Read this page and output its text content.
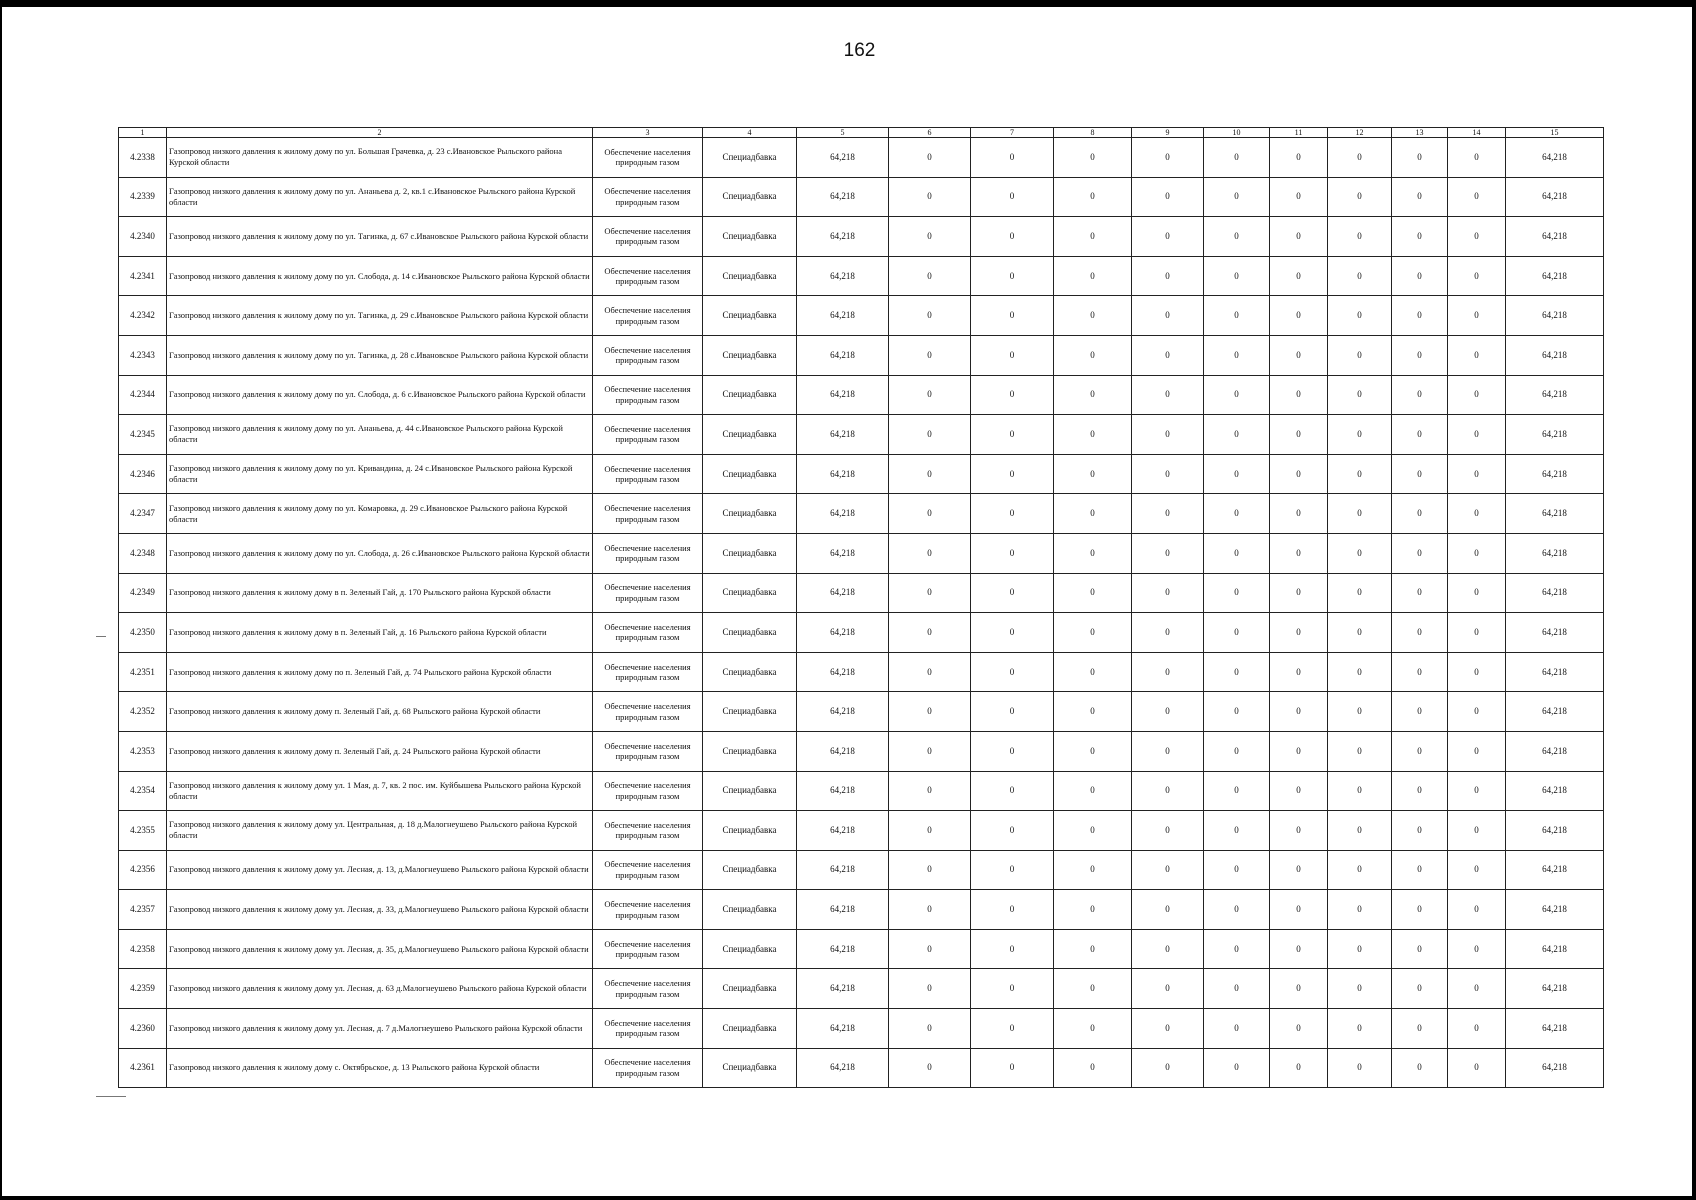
162
1	2	3	4	5	6	7	8	9	10	11	12	13	14	15
4.2338	Газопровод низкого давления к жилому дому по ул. Большая Грачевка, д. 23 с.Ивановское Рыльского района Курской области	Обеспечение населения природным газом	Специадбавка	64,218	0	0	0	0	0	0	0	0	0	64,218
4.2339	Газопровод низкого давления к жилому дому по ул. Ананьева д. 2, кв.1 с.Ивановское Рыльского района Курской области	Обеспечение населения природным газом	Специадбавка	64,218	0	0	0	0	0	0	0	0	0	64,218
4.2340	Газопровод низкого давления к жилому дому по ул. Тагинка, д. 67 с.Ивановское Рыльского района Курской области	Обеспечение населения природным газом	Специадбавка	64,218	0	0	0	0	0	0	0	0	0	64,218
4.2341	Газопровод низкого давления к жилому дому по ул. Слобода, д. 14 с.Ивановское Рыльского района Курской области	Обеспечение населения природным газом	Специадбавка	64,218	0	0	0	0	0	0	0	0	0	64,218
4.2342	Газопровод низкого давления к жилому дому по ул. Тагинка, д. 29 с.Ивановское Рыльского района Курской области	Обеспечение населения природным газом	Специадбавка	64,218	0	0	0	0	0	0	0	0	0	64,218
4.2343	Газопровод низкого давления к жилому дому по ул. Тагинка, д. 28 с.Ивановское Рыльского района Курской области	Обеспечение населения природным газом	Специадбавка	64,218	0	0	0	0	0	0	0	0	0	64,218
4.2344	Газопровод низкого давления к жилому дому по ул. Слобода, д. 6 с.Ивановское Рыльского района Курской области	Обеспечение населения природным газом	Специадбавка	64,218	0	0	0	0	0	0	0	0	0	64,218
4.2345	Газопровод низкого давления к жилому дому по ул. Ананьева, д. 44 с.Ивановское Рыльского района Курской области	Обеспечение населения природным газом	Специадбавка	64,218	0	0	0	0	0	0	0	0	0	64,218
4.2346	Газопровод низкого давления к жилому дому по ул. Кривандина, д. 24 с.Ивановское Рыльского района Курской области	Обеспечение населения природным газом	Специадбавка	64,218	0	0	0	0	0	0	0	0	0	64,218
4.2347	Газопровод низкого давления к жилому дому по ул. Комаровка, д. 29 с.Ивановское Рыльского района Курской области	Обеспечение населения природным газом	Специадбавка	64,218	0	0	0	0	0	0	0	0	0	64,218
4.2348	Газопровод низкого давления к жилому дому по ул. Слобода, д. 26 с.Ивановское Рыльского района Курской области	Обеспечение населения природным газом	Специадбавка	64,218	0	0	0	0	0	0	0	0	0	64,218
4.2349	Газопровод низкого давления к жилому дому в п. Зеленый Гай, д. 170 Рыльского района Курской области	Обеспечение населения природным газом	Специадбавка	64,218	0	0	0	0	0	0	0	0	0	64,218
4.2350	Газопровод низкого давления к жилому дому в п. Зеленый Гай, д. 16 Рыльского района Курской области	Обеспечение населения природным газом	Специадбавка	64,218	0	0	0	0	0	0	0	0	0	64,218
4.2351	Газопровод низкого давления к жилому дому по п. Зеленый Гай, д. 74 Рыльского района Курской области	Обеспечение населения природным газом	Специадбавка	64,218	0	0	0	0	0	0	0	0	0	64,218
4.2352	Газопровод низкого давления к жилому дому п. Зеленый Гай, д. 68 Рыльского района Курской области	Обеспечение населения природным газом	Специадбавка	64,218	0	0	0	0	0	0	0	0	0	64,218
4.2353	Газопровод низкого давления к жилому дому п. Зеленый Гай, д. 24 Рыльского района Курской области	Обеспечение населения природным газом	Специадбавка	64,218	0	0	0	0	0	0	0	0	0	64,218
4.2354	Газопровод низкого давления к жилому дому ул. 1 Мая, д. 7, кв. 2 пос. им. Куйбышева Рыльского района Курской области	Обеспечение населения природным газом	Специадбавка	64,218	0	0	0	0	0	0	0	0	0	64,218
4.2355	Газопровод низкого давления к жилому дому ул. Центральная, д. 18 д.Малогнеушево Рыльского района Курской области	Обеспечение населения природным газом	Специадбавка	64,218	0	0	0	0	0	0	0	0	0	64,218
4.2356	Газопровод низкого давления к жилому дому ул. Лесная, д. 13, д.Малогнеушево Рыльского района Курской области	Обеспечение населения природным газом	Специадбавка	64,218	0	0	0	0	0	0	0	0	0	64,218
4.2357	Газопровод низкого давления к жилому дому ул. Лесная, д. 33, д.Малогнеушево Рыльского района Курской области	Обеспечение населения природным газом	Специадбавка	64,218	0	0	0	0	0	0	0	0	0	64,218
4.2358	Газопровод низкого давления к жилому дому ул. Лесная, д. 35, д.Малогнеушево Рыльского района Курской области	Обеспечение населения природным газом	Специадбавка	64,218	0	0	0	0	0	0	0	0	0	64,218
4.2359	Газопровод низкого давления к жилому дому ул. Лесная, д. 63 д.Малогнеушево Рыльского района Курской области	Обеспечение населения природным газом	Специадбавка	64,218	0	0	0	0	0	0	0	0	0	64,218
4.2360	Газопровод низкого давления к жилому дому ул. Лесная, д. 7 д.Малогнеушево Рыльского района Курской области	Обеспечение населения природным газом	Специадбавка	64,218	0	0	0	0	0	0	0	0	0	64,218
4.2361	Газопровод низкого давления к жилому дому с. Октябрьское, д. 13 Рыльского района Курской области	Обеспечение населения природным газом	Специадбавка	64,218	0	0	0	0	0	0	0	0	0	64,218
